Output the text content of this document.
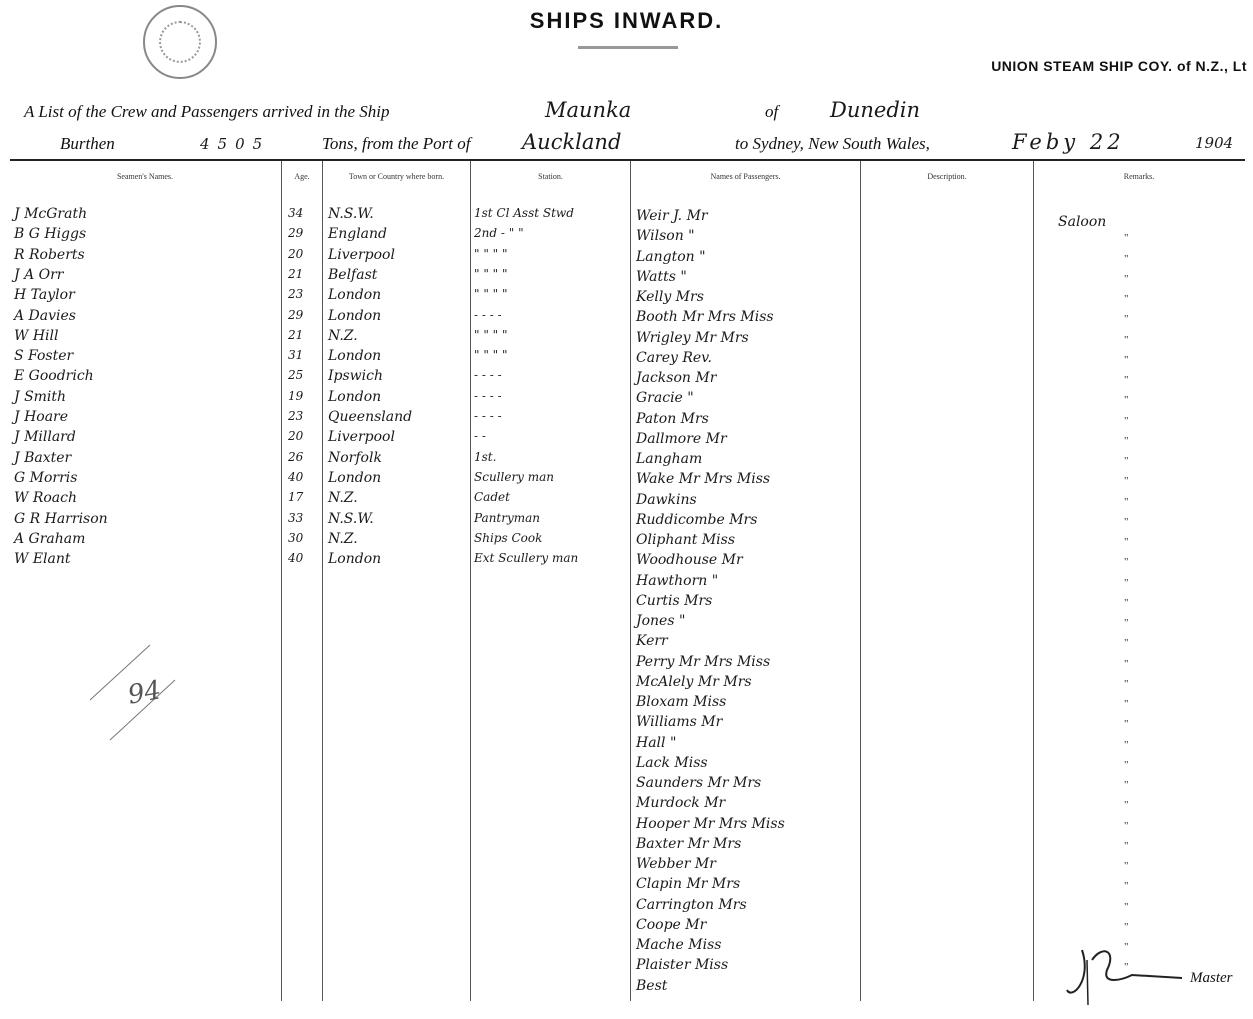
SHIPS INWARD.
UNION STEAM SHIP COY. of N.Z., Lt
A List of the Crew and Passengers arrived in the Ship	Maunka	of Dunedin
Burthen	4505	Tons, from the Port of Auckland	to Sydney, New South Wales,	Feby 22	1904
Seamen's Names.	Age.	Town or Country where born.	Station.	Names of Passengers.	Description.	Remarks.
J McGrath	34 N.S.W.	1st Cl Asst Stwd
B G Higgs	29 England	2nd - " "
R Roberts	20 Liverpool	" " " "
J A Orr	21 Belfast	" " " "
H Taylor	23 London	" " " "
A Davies	29 London	- - - -
W Hill	21 N.Z.	" " " "
S Foster	31 London	" " " "
E Goodrich	25 Ipswich	- - - -
J Smith	19 London	- - - -
J Hoare	23 Queensland	- - - -
J Millard	20 Liverpool	- -
J Baxter	26 Norfolk	1st.
G Morris	40 London	Scullery man
W Roach	17 N.Z.	Cadet
G R Harrison	33 N.S.W.	Pantryman
A Graham	30 N.Z.	Ships Cook
W Elant	40 London	Ext Scullery man
Weir J. Mr	Saloon
Wilson "	"
Langton "	"
Watts "	"
Kelly Mrs	"
Booth Mr Mrs Miss	"
Wrigley Mr Mrs	"
Carey Rev.	"
Jackson Mr	"
Gracie "	"
Paton Mrs	"
Dallmore Mr	"
Langham	"
Wake Mr Mrs Miss	"
Dawkins	"
Ruddicombe Mrs	"
Oliphant Miss	"
Woodhouse Mr	"
Hawthorn "	"
Curtis Mrs	"
Jones "	"
Kerr	"
Perry Mr Mrs Miss	"
McAlely Mr Mrs	"
Bloxam Miss	"
Williams Mr	"
Hall "	"
Lack Miss	"
Saunders Mr Mrs	"
Murdock Mr	"
Hooper Mr Mrs Miss	"
Baxter Mr Mrs	"
Webber Mr	"
Clapin Mr Mrs	"
Carrington Mrs	"
Coope Mr	"
Mache Miss	"
Plaister Miss	"
Best
94
Master
